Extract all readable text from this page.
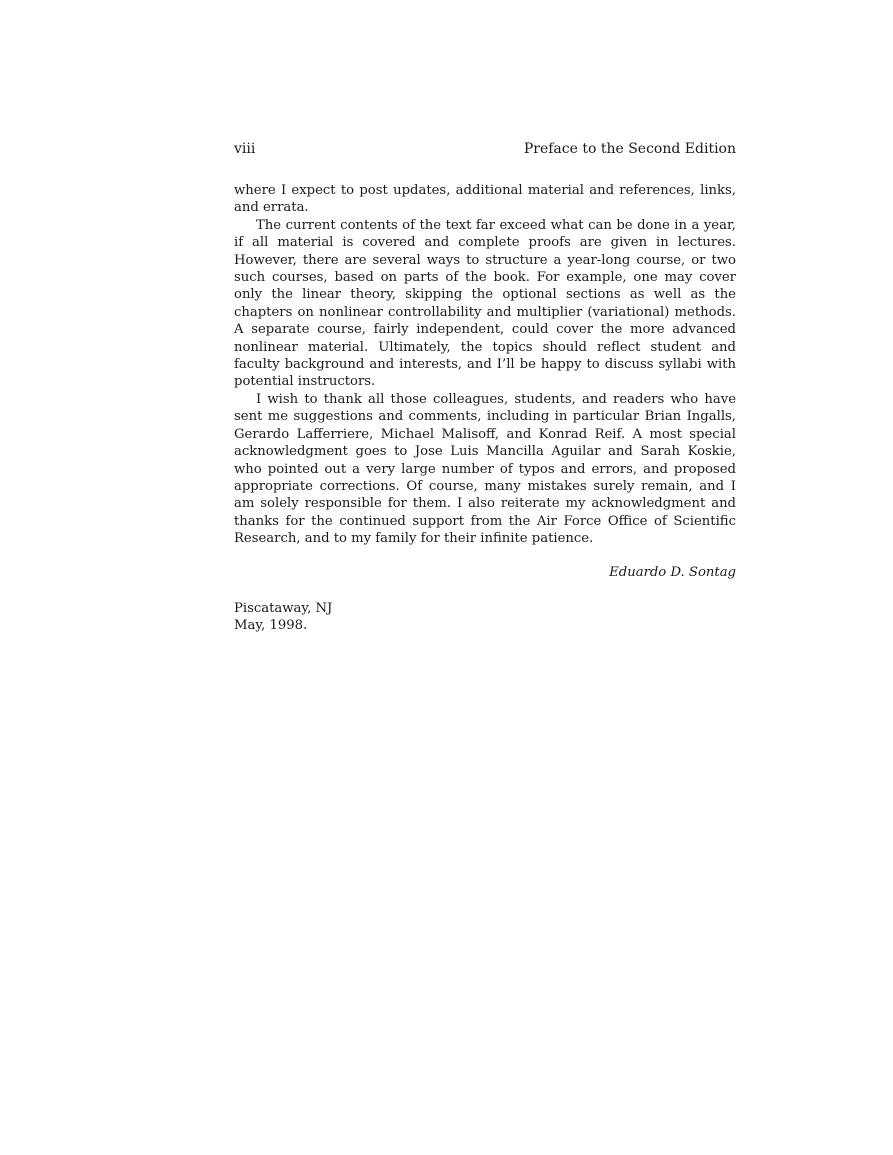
viii	Preface to the Second Edition

where I expect to post updates, additional material and references, links, and errata.

The current contents of the text far exceed what can be done in a year, if all material is covered and complete proofs are given in lectures. However, there are several ways to structure a year-long course, or two such courses, based on parts of the book. For example, one may cover only the linear theory, skipping the optional sections as well as the chapters on nonlinear controllability and multiplier (variational) methods. A separate course, fairly independent, could cover the more advanced nonlinear material. Ultimately, the topics should reflect student and faculty background and interests, and I’ll be happy to discuss syllabi with potential instructors.

I wish to thank all those colleagues, students, and readers who have sent me suggestions and comments, including in particular Brian Ingalls, Gerardo Lafferriere, Michael Malisoff, and Konrad Reif. A most special acknowledgment goes to Jose Luis Mancilla Aguilar and Sarah Koskie, who pointed out a very large number of typos and errors, and proposed appropriate corrections. Of course, many mistakes surely remain, and I am solely responsible for them. I also reiterate my acknowledgment and thanks for the continued support from the Air Force Office of Scientific Research, and to my family for their infinite patience.

Eduardo D. Sontag
Piscataway, NJ
May, 1998.
